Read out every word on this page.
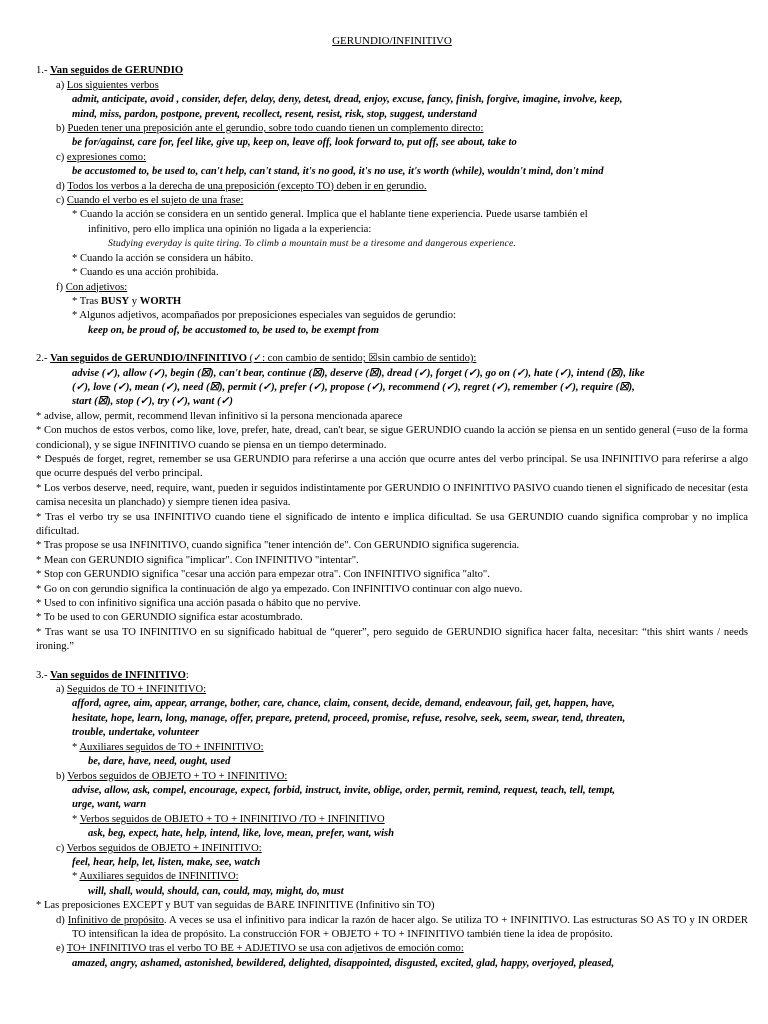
GERUNDIO/INFINITIVO
1.- Van seguidos de GERUNDIO
a) Los siguientes verbos
admit, anticipate, avoid , consider, defer, delay, deny, detest, dread, enjoy, excuse, fancy, finish, forgive, imagine, involve, keep,
mind, miss, pardon, postpone, prevent, recollect, resent, resist, risk, stop, suggest, understand
b) Pueden tener una preposición ante el gerundio, sobre todo cuando tienen un complemento directo:
be for/against, care for, feel like, give up, keep on, leave off, look forward to, put off, see about, take to
c) expresiones como:
be accustomed to, be used to, can't help, can't stand, it's no good, it's no use, it's worth (while), wouldn't mind, don't mind
d) Todos los verbos a la derecha de una preposición (excepto TO) deben ir en gerundio.
c) Cuando el verbo es el sujeto de una frase:
* Cuando la acción se considera en un sentido general. Implica que el hablante tiene experiencia. Puede usarse también el
infinitivo, pero ello implica una opinión no ligada a la experiencia:
Studying everyday is quite tiring. To climb a mountain must be a tiresome and dangerous experience.
* Cuando la acción se considera un hábito.
* Cuando es una acción prohibida.
f) Con adjetivos:
* Tras BUSY y WORTH
* Algunos adjetivos, acompañados por preposiciones especiales van seguidos de gerundio:
keep on, be proud of, be accustomed to, be used to, be exempt from
2.- Van seguidos de GERUNDIO/INFINITIVO (✓: con cambio de sentido; ☒sin cambio de sentido):
advise (✓), allow (✓), begin (☒), can't bear, continue (☒), deserve (☒), dread (✓), forget (✓), go on (✓), hate (✓), intend (☒), like
(✓), love (✓), mean (✓), need (☒), permit (✓), prefer (✓), propose (✓), recommend (✓), regret (✓), remember (✓), require (☒),
start (☒), stop (✓), try (✓), want (✓)
* advise, allow, permit, recommend llevan infinitivo si la persona mencionada aparece
* Con muchos de estos verbos, como like, love, prefer, hate, dread, can't bear, se sigue GERUNDIO cuando la acción se piensa en un sentido general (=uso de la forma condicional), y se sigue INFINITIVO cuando se piensa en un tiempo determinado.
* Después de forget, regret, remember se usa GERUNDIO para referirse a una acción que ocurre antes del verbo principal. Se usa INFINITIVO para referirse a algo que ocurre después del verbo principal.
* Los verbos deserve, need, require, want, pueden ir seguidos indistintamente por GERUNDIO O INFINITIVO PASIVO cuando tienen el significado de necesitar (esta camisa necesita un planchado) y siempre tienen idea pasiva.
* Tras el verbo try se usa INFINITIVO cuando tiene el significado de intento e implica dificultad. Se usa GERUNDIO cuando significa comprobar y no implica dificultad.
* Tras propose se usa INFINITIVO, cuando significa "tener intención de". Con GERUNDIO significa sugerencia.
* Mean con GERUNDIO significa "implicar". Con INFINITIVO "intentar".
* Stop con GERUNDIO significa "cesar una acción para empezar otra". Con INFINITIVO significa "alto".
* Go on con gerundio significa la continuación de algo ya empezado. Con INFINITIVO continuar con algo nuevo.
* Used to con infinitivo significa una acción pasada o hábito que no pervive.
* To be used to con GERUNDIO significa estar acostumbrado.
* Tras want se usa TO INFINITIVO en su significado habitual de “querer”, pero seguido de GERUNDIO significa hacer falta, necesitar: “this shirt wants / needs ironing.”
3.- Van seguidos de INFINITIVO:
a) Seguidos de TO + INFINITIVO:
afford, agree, aim, appear, arrange, bother, care, chance, claim, consent, decide, demand, endeavour, fail, get, happen, have,
hesitate, hope, learn, long, manage, offer, prepare, pretend, proceed, promise, refuse, resolve, seek, seem, swear, tend, threaten,
trouble, undertake, volunteer
* Auxiliares seguidos de TO + INFINITIVO:
be, dare, have, need, ought, used
b) Verbos seguidos de OBJETO + TO + INFINITIVO:
advise, allow, ask, compel, encourage, expect, forbid, instruct, invite, oblige, order, permit, remind, request, teach, tell, tempt,
urge, want, warn
* Verbos seguidos de OBJETO + TO + INFINITIVO /TO + INFINITIVO
ask, beg, expect, hate, help, intend, like, love, mean, prefer, want, wish
c) Verbos seguidos de OBJETO + INFINITIVO:
feel, hear, help, let, listen, make, see, watch
* Auxiliares seguidos de INFINITIVO:
will, shall, would, should, can, could, may, might, do, must
* Las preposiciones EXCEPT y BUT van seguidas de BARE INFINITIVE (Infinitivo sin TO)
d) Infinitivo de propósito. A veces se usa el infinitivo para indicar la razón de hacer algo. Se utiliza TO + INFINITIVO. Las estructuras SO AS TO y IN ORDER TO intensifican la idea de propósito. La construcción FOR + OBJETO + TO + INFINITIVO también tiene la idea de propósito.
e) TO+ INFINITIVO tras el verbo TO BE + ADJETIVO se usa con adjetivos de emoción como:
amazed, angry, ashamed, astonished, bewildered, delighted, disappointed, disgusted, excited, glad, happy, overjoyed, pleased,
